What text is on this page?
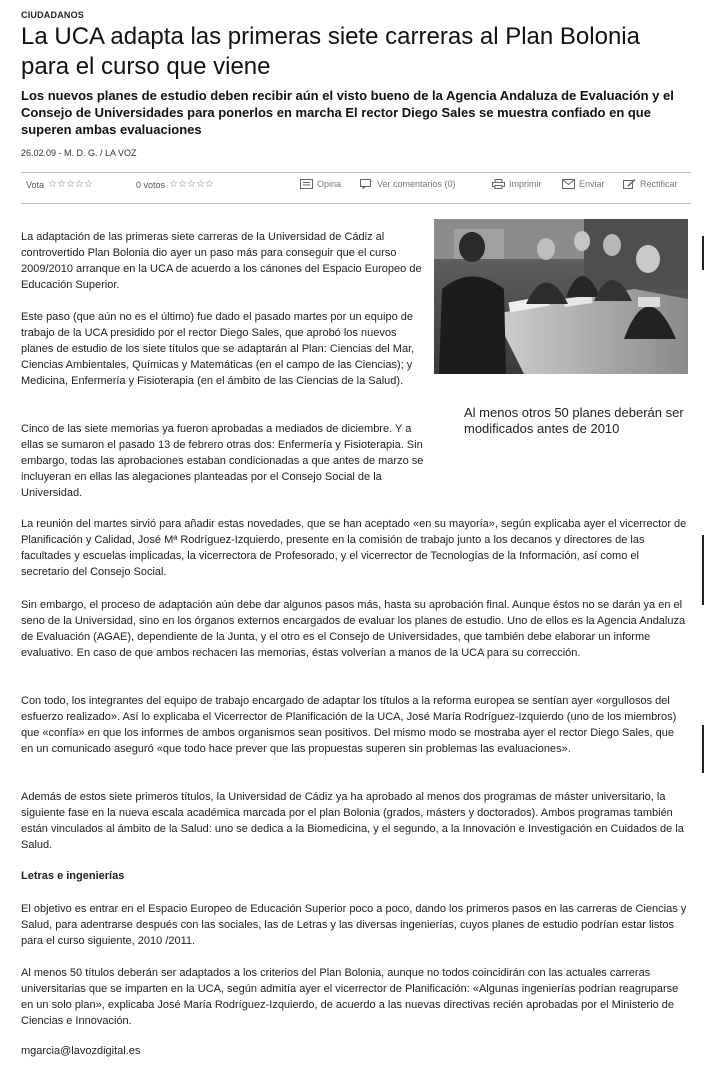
CIUDADANOS
La UCA adapta las primeras siete carreras al Plan Bolonia para el curso que viene
Los nuevos planes de estudio deben recibir aún el visto bueno de la Agencia Andaluza de Evaluación y el Consejo de Universidades para ponerlos en marcha El rector Diego Sales se muestra confiado en que superen ambas evaluaciones
26.02.09 - M. D. G. / LA VOZ
Vota ☆☆☆☆☆	0 votos ☆☆☆☆☆	Opina	Ver comentarios (0)	Imprimir	Enviar	Rectificar
Al menos otros 50 planes deberán ser modificados antes de 2010

La adaptación de las primeras siete carreras de la Universidad de Cádiz al controvertido Plan Bolonia dio ayer un paso más para conseguir que el curso 2009/2010 arranque en la UCA de acuerdo a los cánones del Espacio Europeo de Educación Superior.

Este paso (que aún no es el último) fue dado el pasado martes por un equipo de trabajo de la UCA presidido por el rector Diego Sales, que aprobó los nuevos planes de estudio de los siete títulos que se adaptarán al Plan: Ciencias del Mar, Ciencias Ambientales, Químicas y Matemáticas (en el campo de las Ciencias); y Medicina, Enfermería y Fisioterapia (en el ámbito de las Ciencias de la Salud).

Cinco de las siete memorias ya fueron aprobadas a mediados de diciembre. Y a ellas se sumaron el pasado 13 de febrero otras dos: Enfermería y Fisioterapia. Sin embargo, todas las aprobaciones estaban condicionadas a que antes de marzo se incluyeran en ellas las alegaciones planteadas por el Consejo Social de la Universidad.

La reunión del martes sirvió para añadir estas novedades, que se han aceptado «en su mayoría», según explicaba ayer el vicerrector de Planificación y Calidad, José Mª Rodríguez-Izquierdo, presente en la comisión de trabajo junto a los decanos y directores de las facultades y escuelas implicadas, la vicerrectora de Profesorado, y el vicerrector de Tecnologías de la Información, así como el secretario del Consejo Social.

Sin embargo, el proceso de adaptación aún debe dar algunos pasos más, hasta su aprobación final. Aunque éstos no se darán ya en el seno de la Universidad, sino en los órganos externos encargados de evaluar los planes de estudio. Uno de ellos es la Agencia Andaluza de Evaluación (AGAE), dependiente de la Junta, y el otro es el Consejo de Universidades, que también debe elaborar un informe evaluativo. En caso de que ambos rechacen las memorias, éstas volverían a manos de la UCA para su corrección.

Con todo, los integrantes del equipo de trabajo encargado de adaptar los títulos a la reforma europea se sentían ayer «orgullosos del esfuerzo realizado». Así lo explicaba el Vicerrector de Planificación de la UCA, José María Rodríguez-Izquierdo (uno de los miembros) que «confía» en que los informes de ambos organismos sean positivos. Del mismo modo se mostraba ayer el rector Diego Sales, que en un comunicado aseguró «que todo hace prever que las propuestas superen sin problemas las evaluaciones».

Además de estos siete primeros títulos, la Universidad de Cádiz ya ha aprobado al menos dos programas de máster universitario, la siguiente fase en la nueva escala académica marcada por el plan Bolonia (grados, másters y doctorados). Ambos programas también están vinculados al ámbito de la Salud: uno se dedica a la Biomedicina, y el segundo, a la Innovación e Investigación en Cuidados de la Salud.

Letras e ingenierías

El objetivo es entrar en el Espacio Europeo de Educación Superior poco a poco, dando los primeros pasos en las carreras de Ciencias y Salud, para adentrarse después con las sociales, las de Letras y las diversas ingenierías, cuyos planes de estudio podrían estar listos para el curso siguiente, 2010 /2011.

Al menos 50 títulos deberán ser adaptados a los criterios del Plan Bolonia, aunque no todos coincidirán con las actuales carreras universitarias que se imparten en la UCA, según admitía ayer el vicerrector de Planificación: «Algunas ingenierías podrían reagruparse en un solo plan», explicaba José María Rodríguez-Izquierdo, de acuerdo a las nuevas directivas recién aprobadas por el Ministerio de Ciencias e Innovación.

mgarcia@lavozdigital.es
